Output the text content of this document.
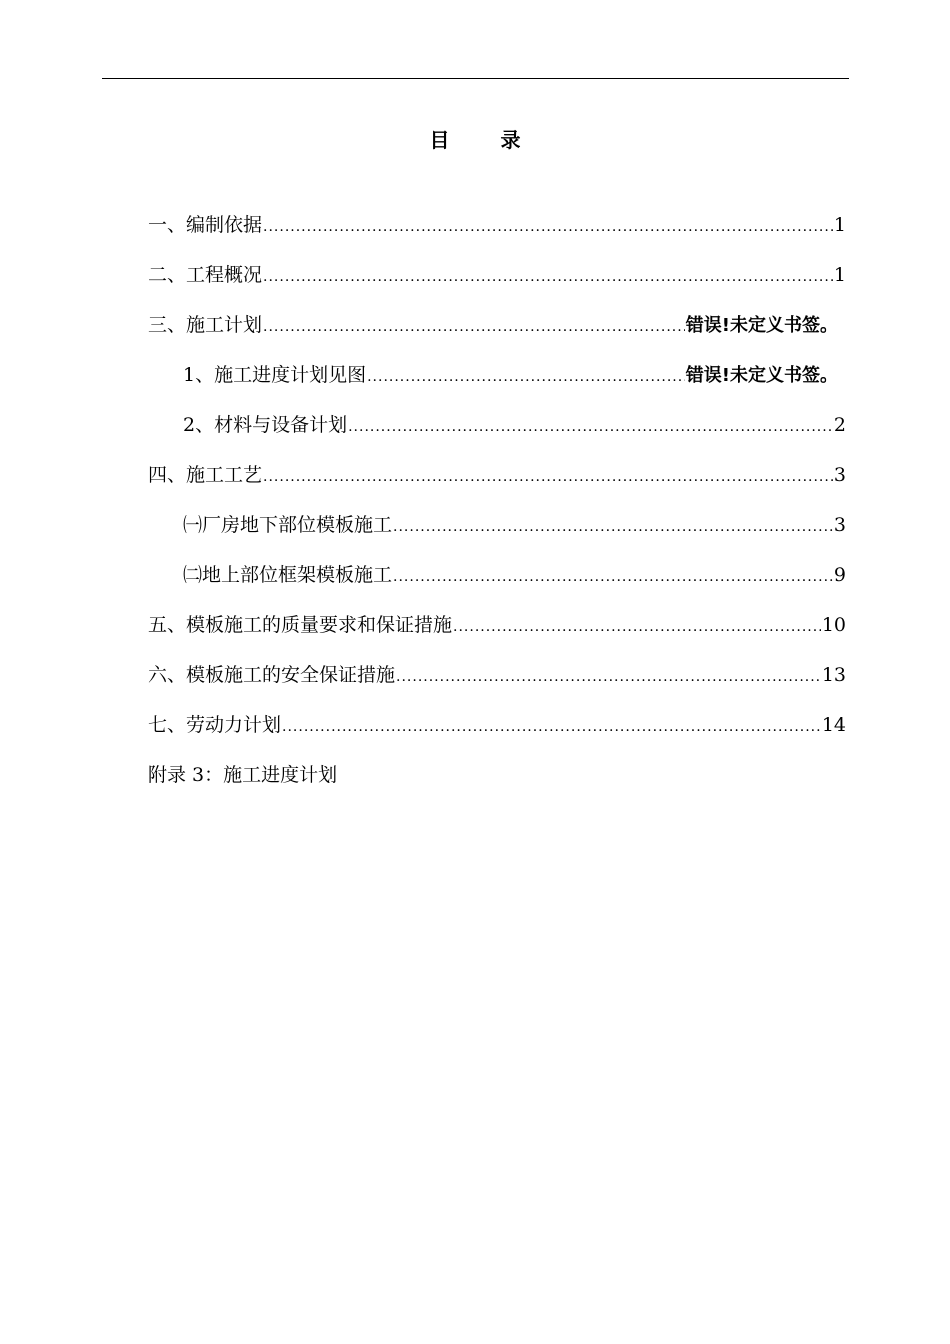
目 录
一、编制依据 .....	1
二、工程概况 .....	1
三、施工计划 .....	错误!未定义书签。
1、施工进度计划见图 .....	错误!未定义书签。
2、材料与设备计划 .....	2
四、施工工艺 .....	3
㈠厂房地下部位模板施工 .....	3
㈡地上部位框架模板施工 .....	9
五、模板施工的质量要求和保证措施 .....	10
六、模板施工的安全保证措施 .....	13
七、劳动力计划 .....	14
附录 3：施工进度计划
